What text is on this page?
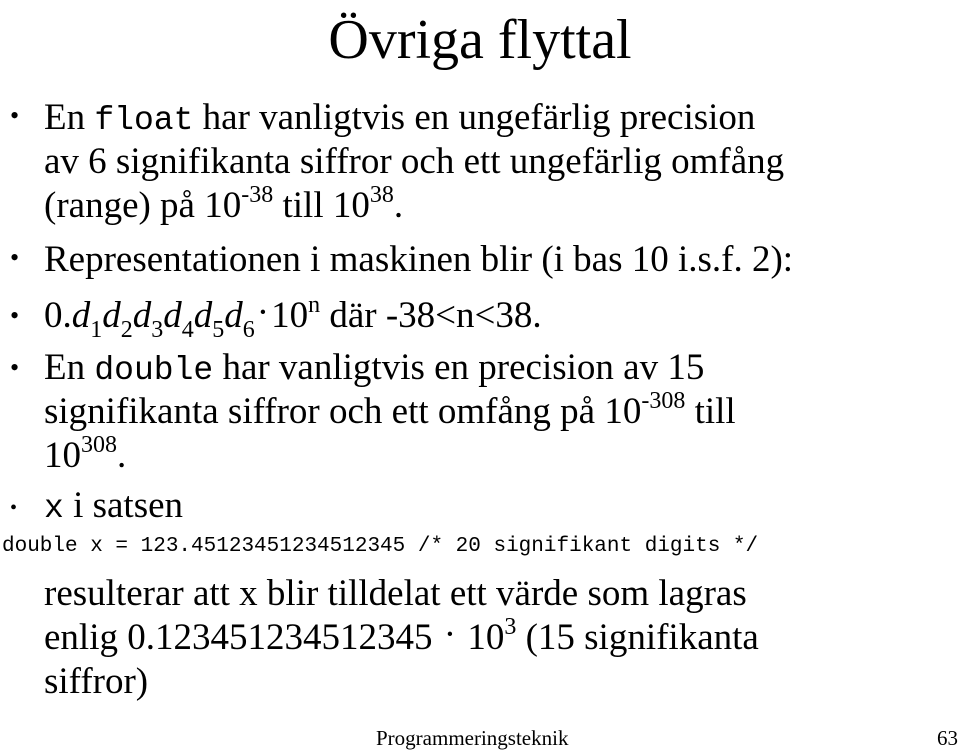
Övriga flyttal
• En float har vanligtvis en ungefärlig precision
av 6 signifikanta siffror och ett ungefärlig omfång
(range) på $10^{-38}$ till $10^{38}$.
• Representationen i maskinen blir (i bas 10 i.s.f. 2):
• $0.d_1d_2d_3d_4d_5d_6\cdot 10^n$ där -38<n<38.
• En double har vanligtvis en precision av 15
signifikanta siffror och ett omfång på $10^{-308}$ till
$10^{308}$.
• x i satsen
double x = 123.45123451234512345 /* 20 signifikant digits */
resulterar att x blir tilldelat ett värde som lagras
enlig $0.123451234512345 \cdot 10^3$ (15 signifikanta
siffror)
Programmeringsteknik	63
